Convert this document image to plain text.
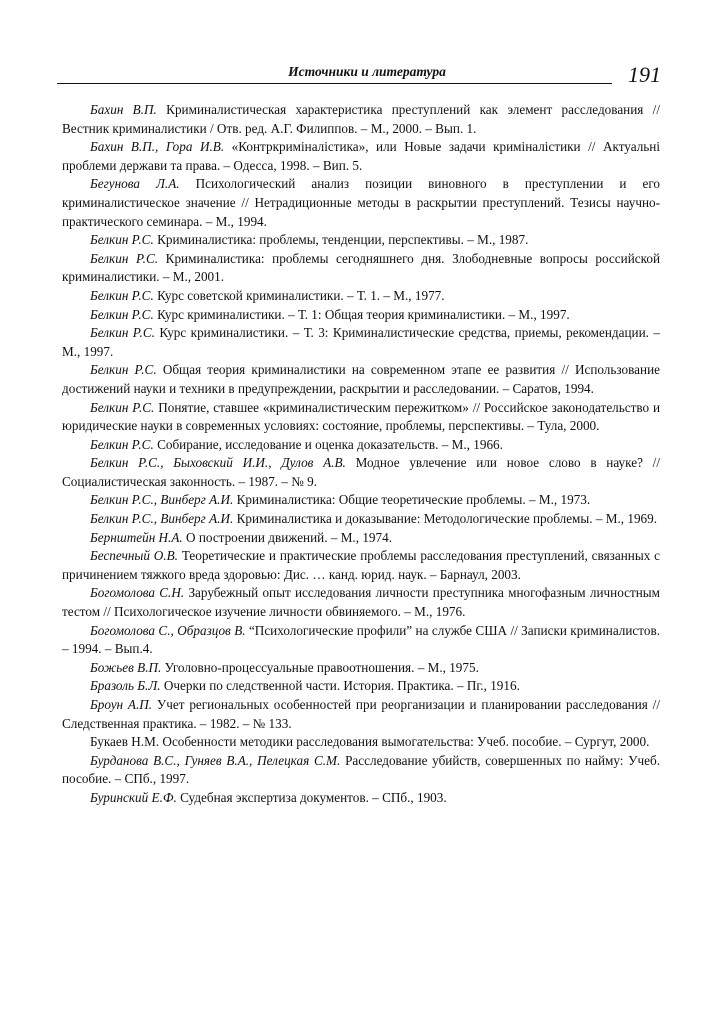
Источники и литература	191

Бахин В.П. Криминалистическая характеристика преступлений как элемент расследования // Вестник криминалистики / Отв. ред. А.Г. Филиппов. – М., 2000. – Вып. 1.

Бахин В.П., Гора И.В. «Контркриміналістика», или Новые задачи криміналістики // Актуальні проблеми держави та права. – Одесса, 1998. – Вип. 5.

Бегунова Л.А. Психологический анализ позиции виновного в преступлении и его криминалистическое значение // Нетрадиционные методы в раскрытии преступлений. Тезисы научно-практического семинара. – М., 1994.

Белкин Р.С. Криминалистика: проблемы, тенденции, перспективы. – М., 1987.

Белкин Р.С. Криминалистика: проблемы сегодняшнего дня. Злободневные вопросы российской криминалистики. – М., 2001.

Белкин Р.С. Курс советской криминалистики. – Т. 1. – М., 1977.

Белкин Р.С. Курс криминалистики. – Т. 1: Общая теория криминалистики. – М., 1997.

Белкин Р.С. Курс криминалистики. – Т. 3: Криминалистические средства, приемы, рекомендации. – М., 1997.

Белкин Р.С. Общая теория криминалистики на современном этапе ее развития // Использование достижений науки и техники в предупреждении, раскрытии и расследовании. – Саратов, 1994.

Белкин Р.С. Понятие, ставшее «криминалистическим пережитком» // Российское законодательство и юридические науки в современных условиях: состояние, проблемы, перспективы. – Тула, 2000.

Белкин Р.С. Собирание, исследование и оценка доказательств. – М., 1966.

Белкин Р.С., Быховский И.И., Дулов А.В. Модное увлечение или новое слово в науке? // Социалистическая законность. – 1987. – № 9.

Белкин Р.С., Винберг А.И. Криминалистика: Общие теоретические проблемы. – М., 1973.

Белкин Р.С., Винберг А.И. Криминалистика и доказывание: Методологические проблемы. – М., 1969.

Бернштейн Н.А. О построении движений. – М., 1974.

Беспечный О.В. Теоретические и практические проблемы расследования преступлений, связанных с причинением тяжкого вреда здоровью: Дис. … канд. юрид. наук. – Барнаул, 2003.

Богомолова С.Н. Зарубежный опыт исследования личности преступника многофазным личностным тестом // Психологическое изучение личности обвиняемого. – М., 1976.

Богомолова С., Образцов В. “Психологические профили” на службе США // Записки криминалистов. – 1994. – Вып.4.

Божьев В.П. Уголовно-процессуальные правоотношения. – М., 1975.

Бразоль Б.Л. Очерки по следственной части. История. Практика. – Пг., 1916.

Броун А.П. Учет региональных особенностей при реорганизации и планировании расследования // Следственная практика. – 1982. – № 133.

Букаев Н.М. Особенности методики расследования вымогательства: Учеб. пособие. – Сургут, 2000.

Бурданова В.С., Гуняев В.А., Пелецкая С.М. Расследование убийств, совершенных по найму: Учеб. пособие. – СПб., 1997.

Буринский Е.Ф. Судебная экспертиза документов. – СПб., 1903.
